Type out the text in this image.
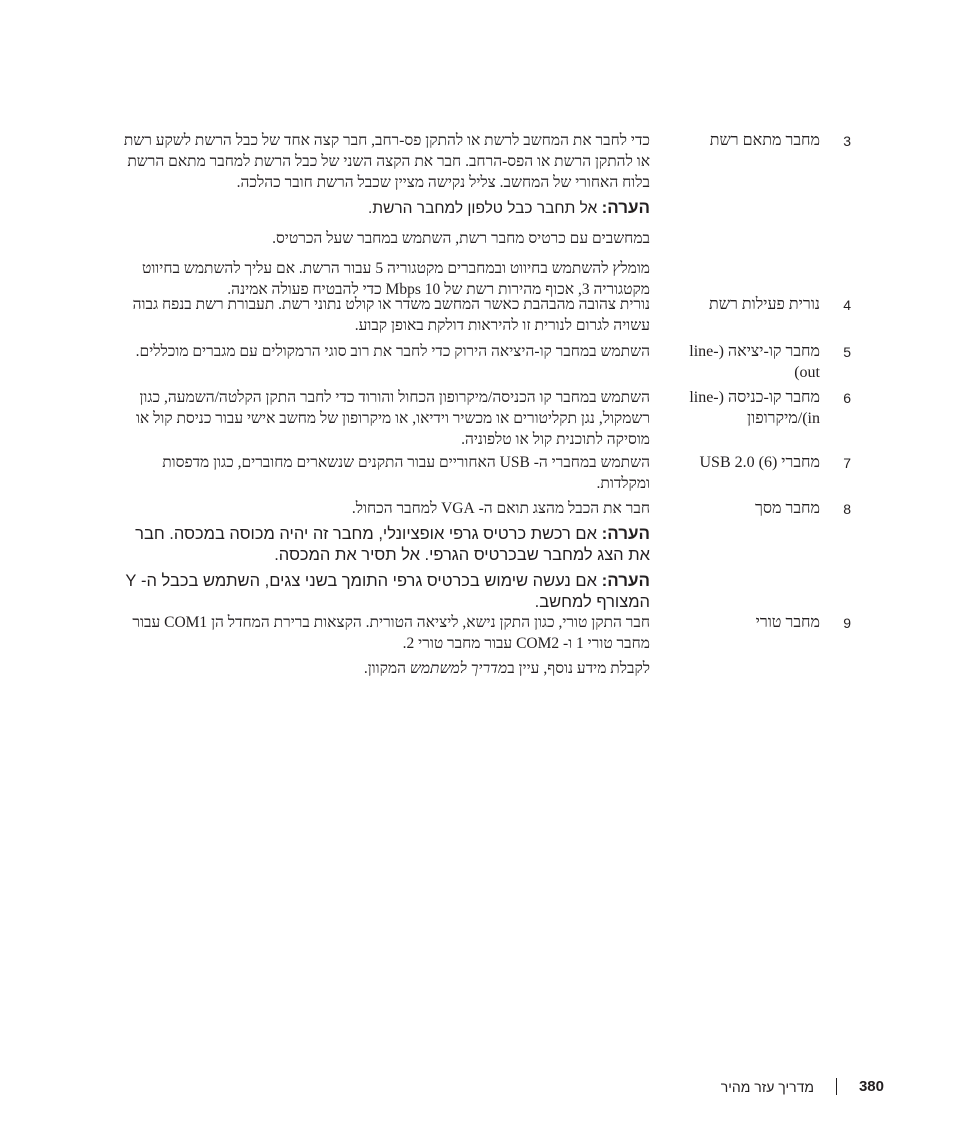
3
מחבר מתאם רשת

כדי לחבר את המחשב לרשת או להתקן פס-רחב, חבר קצה אחד של כבל הרשת לשקע רשת או להתקן הרשת או הפס-הרחב. חבר את הקצה השני של כבל הרשת למחבר מתאם הרשת בלוח האחורי של המחשב. צליל נקישה מציין שכבל הרשת חובר כהלכה.

הערה: אל תחבר כבל טלפון למחבר הרשת.

במחשבים עם כרטיס מחבר רשת, השתמש במחבר שעל הכרטיס.

מומלץ להשתמש בחיווט ובמחברים מקטגוריה 5 עבור הרשת. אם עליך להשתמש בחיווט מקטגוריה 3, אכוף מהירות רשת של 10 Mbps כדי להבטיח פעולה אמינה.

4
נורית פעילות רשת

נורית צהובה מהבהבת כאשר המחשב משדר או קולט נתוני רשת. תעבורת רשת בנפח גבוה עשויה לגרום לנורית זו להיראות דולקת באופן קבוע.

5
מחבר קו-יציאה (line-out)

השתמש במחבר קו-היציאה הירוק כדי לחבר את רוב סוגי הרמקולים עם מגברים מוכללים.

6
מחבר קו-כניסה (line-in)/מיקרופון

השתמש במחבר קו הכניסה/מיקרופון הכחול והורוד כדי לחבר התקן הקלטה/השמעה, כגון רשמקול, נגן תקליטורים או מכשיר וידיאו, או מיקרופון של מחשב אישי עבור כניסת קול או מוסיקה לתוכנית קול או טלפוניה.

7
מחברי USB 2.0 (6)

השתמש במחברי ה- USB האחוריים עבור התקנים שנשארים מחוברים, כגון מדפסות ומקלדות.

8
מחבר מסך

חבר את הכבל מהצג תואם ה- VGA למחבר הכחול.

הערה: אם רכשת כרטיס גרפי אופציונלי, מחבר זה יהיה מכוסה במכסה. חבר את הצג למחבר שבכרטיס הגרפי. אל תסיר את המכסה.

הערה: אם נעשה שימוש בכרטיס גרפי התומך בשני צגים, השתמש בכבל ה- Y המצורף למחשב.

9
מחבר טורי

חבר התקן טורי, כגון התקן נישא, ליציאה הטורית. הקצאות ברירת המחדל הן COM1 עבור מחבר טורי 1 ו- COM2 עבור מחבר טורי 2.

לקבלת מידע נוסף, עיין במדריך למשתמש המקוון.
380
מדריך עזר מהיר
